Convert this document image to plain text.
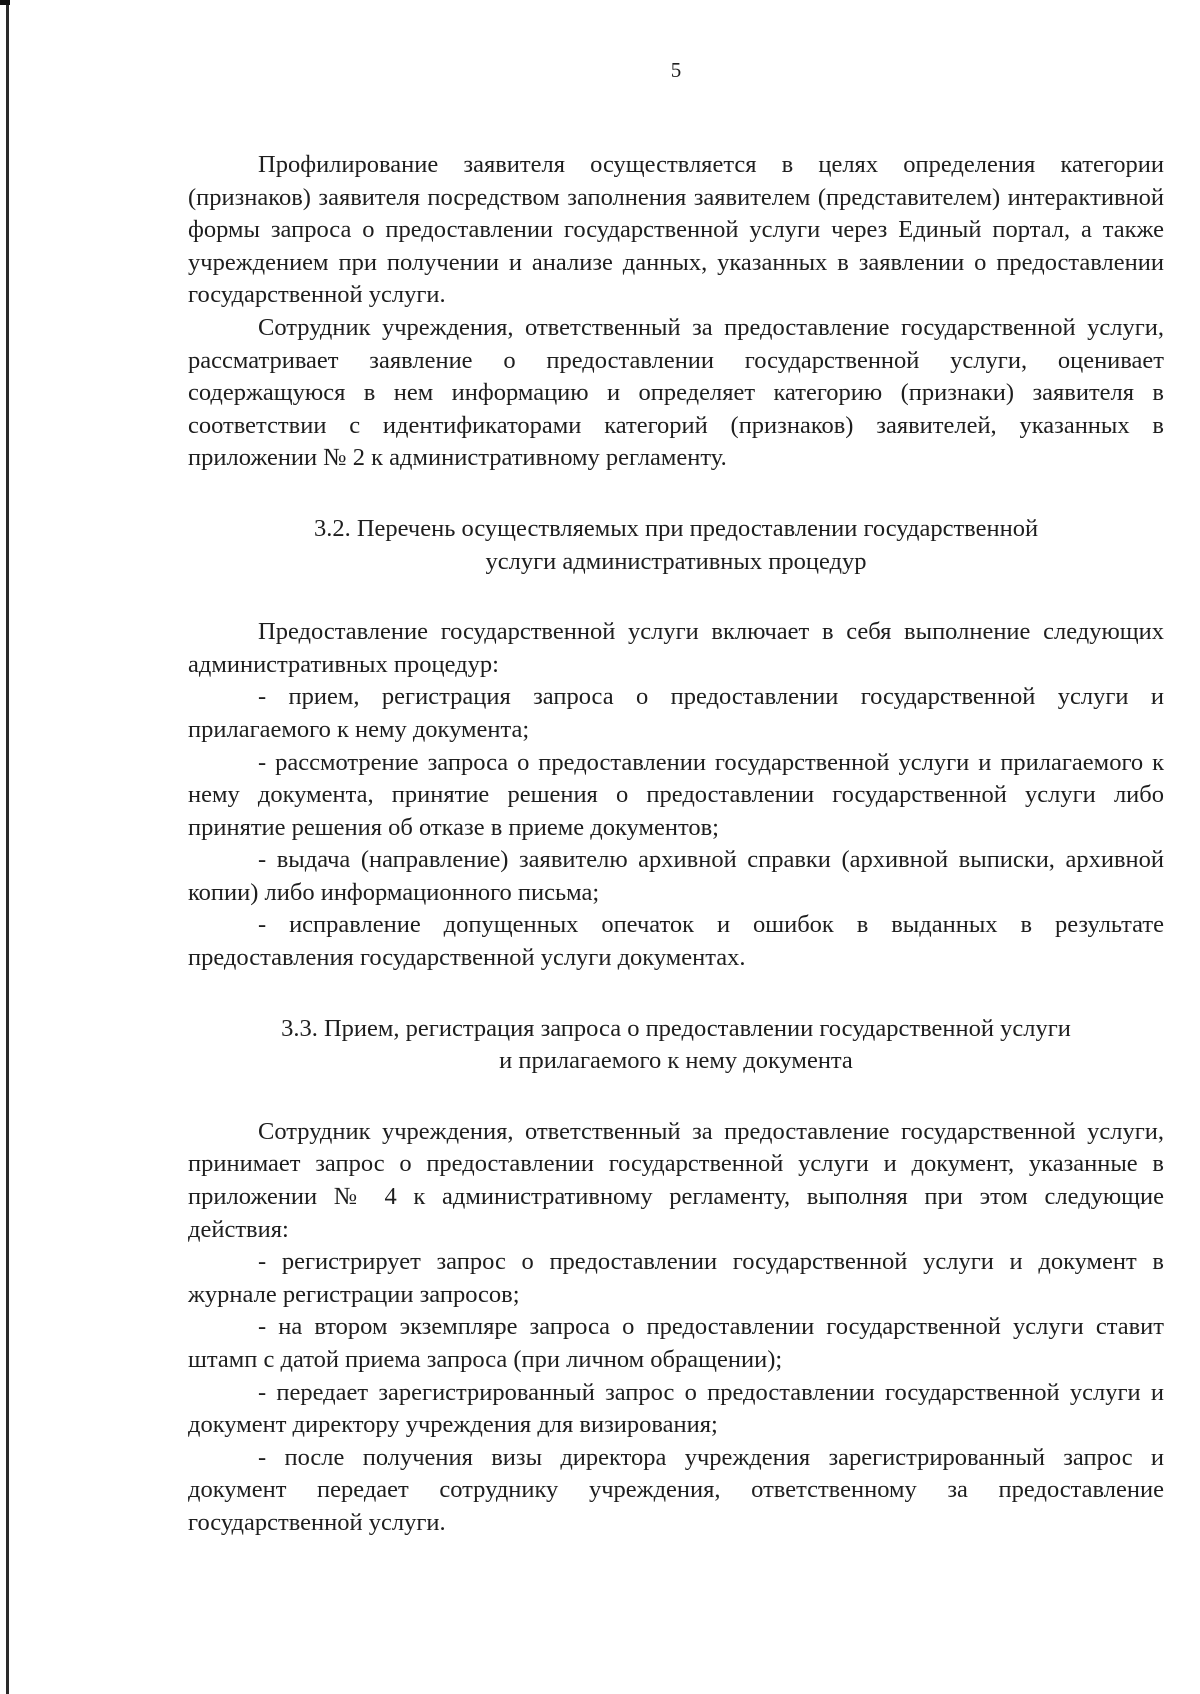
5

Профилирование заявителя осуществляется в целях определения категории (признаков) заявителя посредством заполнения заявителем (представителем) интерактивной формы запроса о предоставлении государственной услуги через Единый портал, а также учреждением при получении и анализе данных, указанных в заявлении о предоставлении государственной услуги.

Сотрудник учреждения, ответственный за предоставление государственной услуги, рассматривает заявление о предоставлении государственной услуги, оценивает содержащуюся в нем информацию и определяет категорию (признаки) заявителя в соответствии с идентификаторами категорий (признаков) заявителей, указанных в приложении № 2 к административному регламенту.

3.2. Перечень осуществляемых при предоставлении государственной
услуги административных процедур

Предоставление государственной услуги включает в себя выполнение следующих административных процедур:

- прием, регистрация запроса о предоставлении государственной услуги и прилагаемого к нему документа;

- рассмотрение запроса о предоставлении государственной услуги и прилагаемого к нему документа, принятие решения о предоставлении государственной услуги либо принятие решения об отказе в приеме документов;

- выдача (направление) заявителю архивной справки (архивной выписки, архивной копии) либо информационного письма;

- исправление допущенных опечаток и ошибок в выданных в результате предоставления государственной услуги документах.

3.3. Прием, регистрация запроса о предоставлении государственной услуги
и прилагаемого к нему документа

Сотрудник учреждения, ответственный за предоставление государственной услуги, принимает запрос о предоставлении государственной услуги и документ, указанные в приложении № 4 к административному регламенту, выполняя при этом следующие действия:

- регистрирует запрос о предоставлении государственной услуги и документ в журнале регистрации запросов;

- на втором экземпляре запроса о предоставлении государственной услуги ставит штамп с датой приема запроса (при личном обращении);

- передает зарегистрированный запрос о предоставлении государственной услуги и документ директору учреждения для визирования;

- после получения визы директора учреждения зарегистрированный запрос и документ передает сотруднику учреждения, ответственному за предоставление государственной услуги.
